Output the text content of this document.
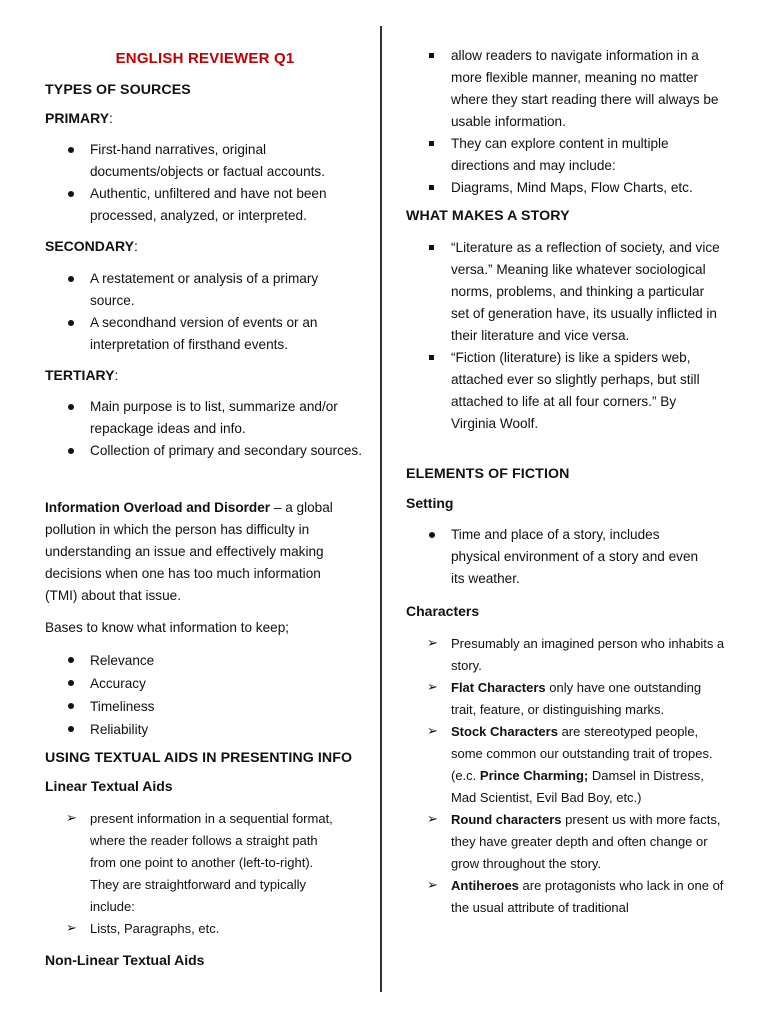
ENGLISH REVIEWER Q1
TYPES OF SOURCES
PRIMARY:
First-hand narratives, original documents/objects or factual accounts.
Authentic, unfiltered and have not been processed, analyzed, or interpreted.
SECONDARY:
A restatement or analysis of a primary source.
A secondhand version of events or an interpretation of firsthand events.
TERTIARY:
Main purpose is to list, summarize and/or repackage ideas and info.
Collection of primary and secondary sources.

Information Overload and Disorder – a global pollution in which the person has difficulty in understanding an issue and effectively making decisions when one has too much information (TMI) about that issue.

Bases to know what information to keep;

Relevance
Accuracy
Timeliness
Reliability
USING TEXTUAL AIDS IN PRESENTING INFO
Linear Textual Aids
➢ present information in a sequential format, where the reader follows a straight path from one point to another (left-to-right). They are straightforward and typically include:
➢ Lists, Paragraphs, etc.
Non-Linear Textual Aids
allow readers to navigate information in a more flexible manner, meaning no matter where they start reading there will always be usable information.
They can explore content in multiple directions and may include:
Diagrams, Mind Maps, Flow Charts, etc.
WHAT MAKES A STORY
“Literature as a reflection of society, and vice versa.” Meaning like whatever sociological norms, problems, and thinking a particular set of generation have, its usually inflicted in their literature and vice versa.
“Fiction (literature) is like a spiders web, attached ever so slightly perhaps, but still attached to life at all four corners.” By Virginia Woolf.
ELEMENTS OF FICTION
Setting
Time and place of a story, includes physical environment of a story and even its weather.
Characters
➢ Presumably an imagined person who inhabits a story.
➢ Flat Characters only have one outstanding trait, feature, or distinguishing marks.
➢ Stock Characters are stereotyped people, some common our outstanding trait of tropes. (e.c. Prince Charming; Damsel in Distress, Mad Scientist, Evil Bad Boy, etc.)
➢ Round characters present us with more facts, they have greater depth and often change or grow throughout the story.
➢ Antiheroes are protagonists who lack in one of the usual attribute of traditional
